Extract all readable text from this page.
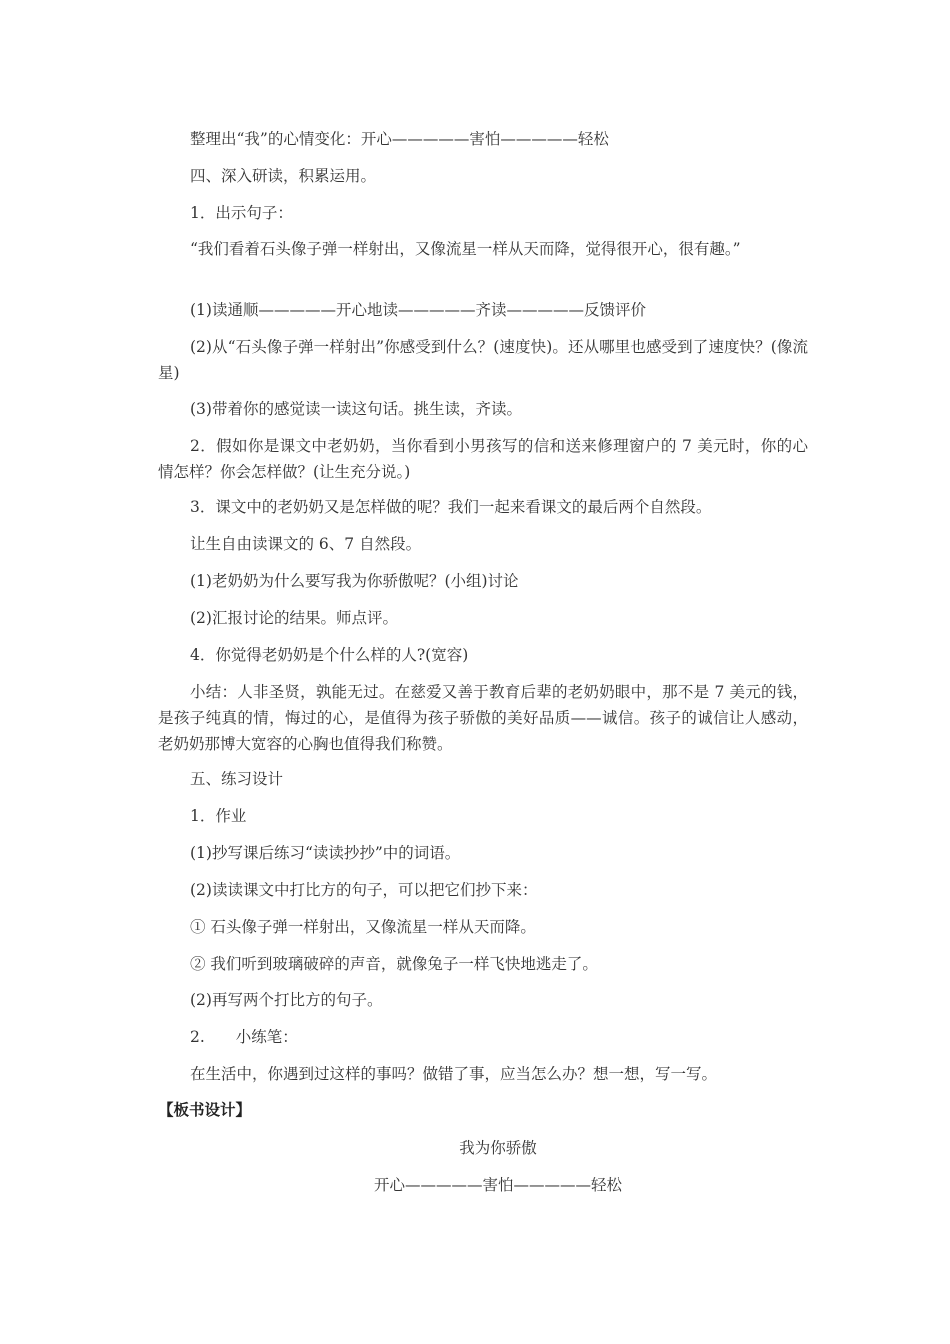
整理出“我”的心情变化：开心—————害怕—————轻松
四、深入研读，积累运用。
1．出示句子：
“我们看着石头像子弹一样射出，又像流星一样从天而降，觉得很开心，很有趣。”
(1)读通顺—————开心地读—————齐读—————反馈评价
(2)从“石头像子弹一样射出”你感受到什么？(速度快)。还从哪里也感受到了速度快？(像流星)
(3)带着你的感觉读一读这句话。挑生读，齐读。
2．假如你是课文中老奶奶，当你看到小男孩写的信和送来修理窗户的 7 美元时，你的心情怎样？你会怎样做？(让生充分说。)
3．课文中的老奶奶又是怎样做的呢？我们一起来看课文的最后两个自然段。
让生自由读课文的 6、7 自然段。
(1)老奶奶为什么要写我为你骄傲呢？(小组)讨论
(2)汇报讨论的结果。师点评。
4．你觉得老奶奶是个什么样的人?(宽容)
小结：人非圣贤，孰能无过。在慈爱又善于教育后辈的老奶奶眼中，那不是 7 美元的钱，是孩子纯真的情，悔过的心，是值得为孩子骄傲的美好品质——诚信。孩子的诚信让人感动，老奶奶那博大宽容的心胸也值得我们称赞。
五、练习设计
1．作业
(1)抄写课后练习“读读抄抄”中的词语。
(2)读读课文中打比方的句子，可以把它们抄下来：
① 石头像子弹一样射出，又像流星一样从天而降。
② 我们听到玻璃破碎的声音，就像兔子一样飞快地逃走了。
(2)再写两个打比方的句子。
2.　　小练笔：
在生活中，你遇到过这样的事吗？做错了事，应当怎么办？想一想，写一写。
【板书设计】
我为你骄傲
开心—————害怕—————轻松
